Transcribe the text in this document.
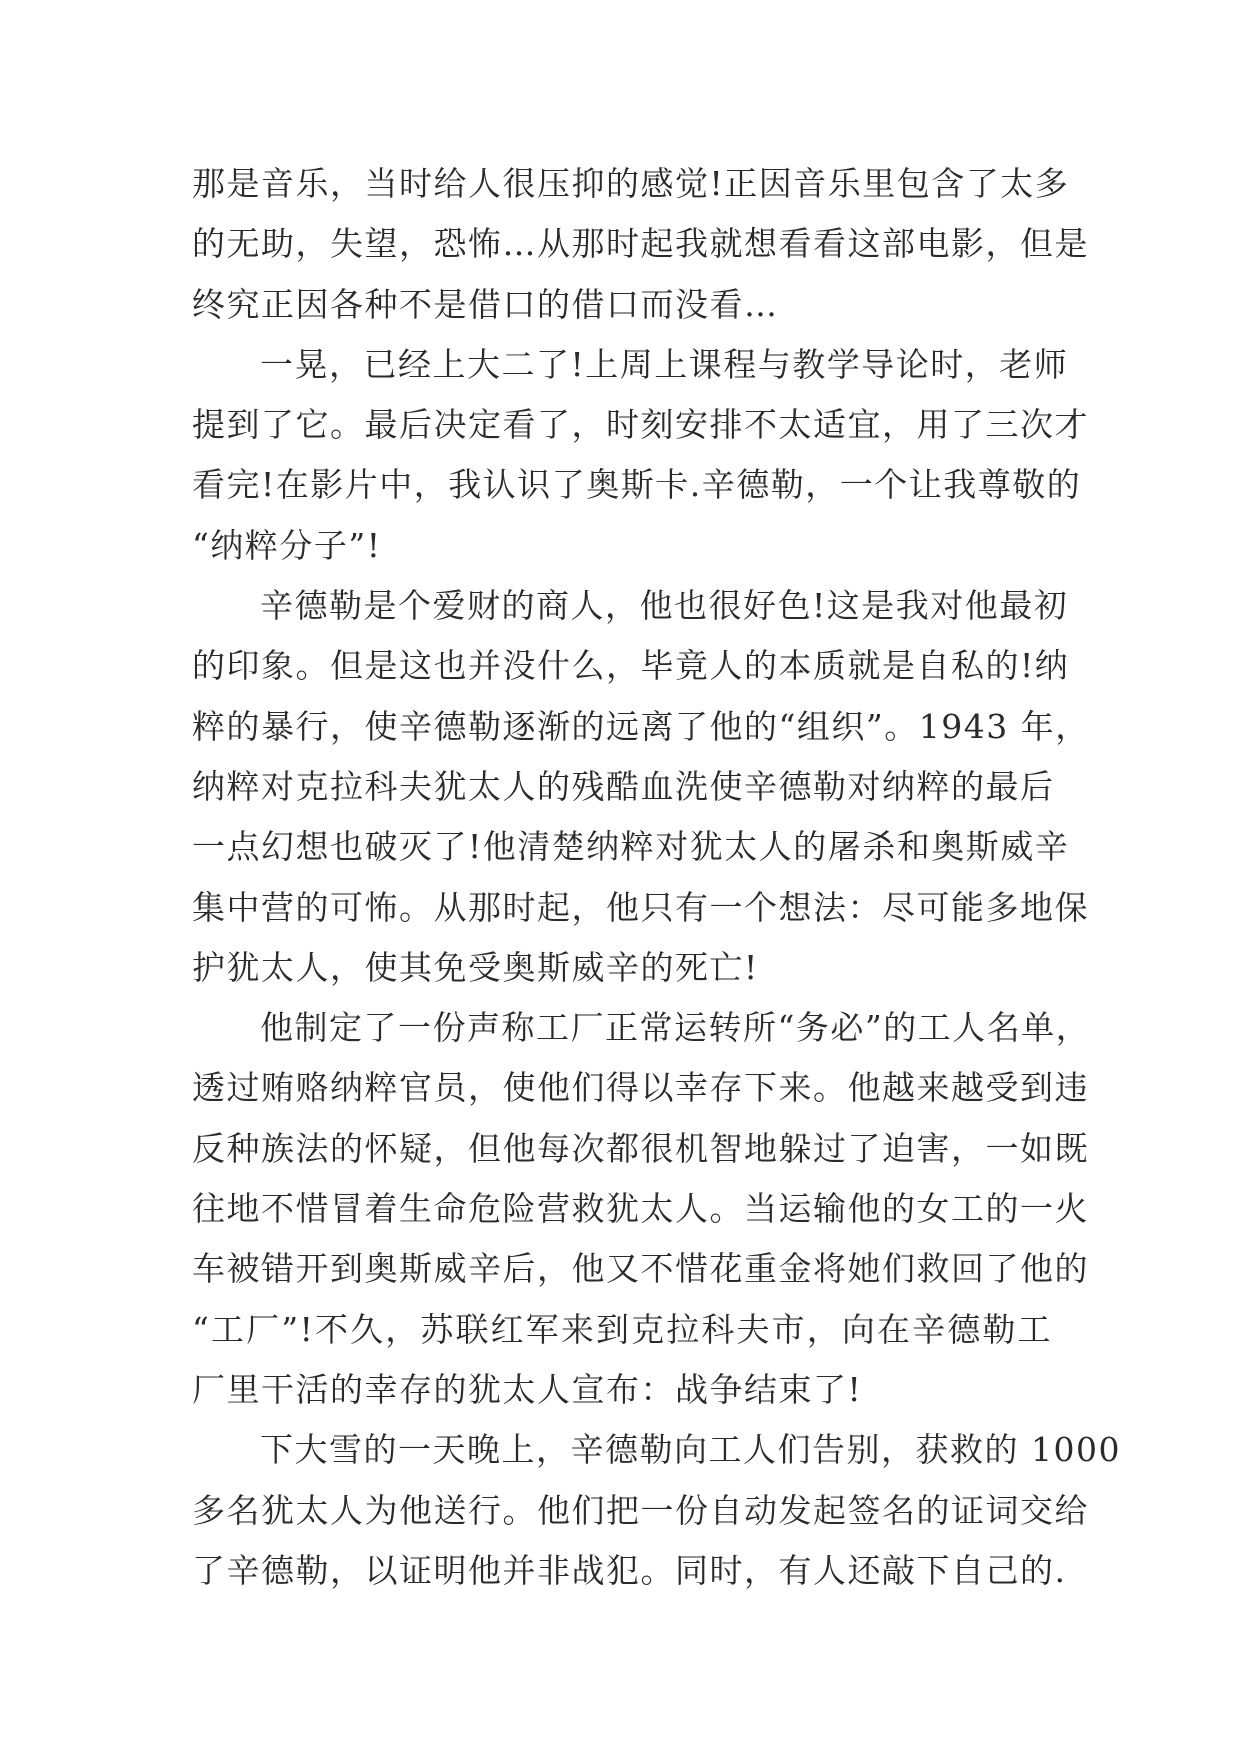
那是音乐，当时给人很压抑的感觉!正因音乐里包含了太多
的无助，失望，恐怖…从那时起我就想看看这部电影，但是
终究正因各种不是借口的借口而没看…
一晃，已经上大二了!上周上课程与教学导论时，老师
提到了它。最后决定看了，时刻安排不太适宜，用了三次才
看完!在影片中，我认识了奥斯卡.辛德勒，一个让我尊敬的
“纳粹分子”!
辛德勒是个爱财的商人，他也很好色!这是我对他最初
的印象。但是这也并没什么，毕竟人的本质就是自私的!纳
粹的暴行，使辛德勒逐渐的远离了他的“组织”。1943 年，
纳粹对克拉科夫犹太人的残酷血洗使辛德勒对纳粹的最后
一点幻想也破灭了!他清楚纳粹对犹太人的屠杀和奥斯威辛
集中营的可怖。从那时起，他只有一个想法：尽可能多地保
护犹太人，使其免受奥斯威辛的死亡!
他制定了一份声称工厂正常运转所“务必”的工人名单，
透过贿赂纳粹官员，使他们得以幸存下来。他越来越受到违
反种族法的怀疑，但他每次都很机智地躲过了迫害，一如既
往地不惜冒着生命危险营救犹太人。当运输他的女工的一火
车被错开到奥斯威辛后，他又不惜花重金将她们救回了他的
“工厂”!不久，苏联红军来到克拉科夫市，向在辛德勒工
厂里干活的幸存的犹太人宣布：战争结束了!
下大雪的一天晚上，辛德勒向工人们告别，获救的 1000
多名犹太人为他送行。他们把一份自动发起签名的证词交给
了辛德勒，以证明他并非战犯。同时，有人还敲下自己的.
